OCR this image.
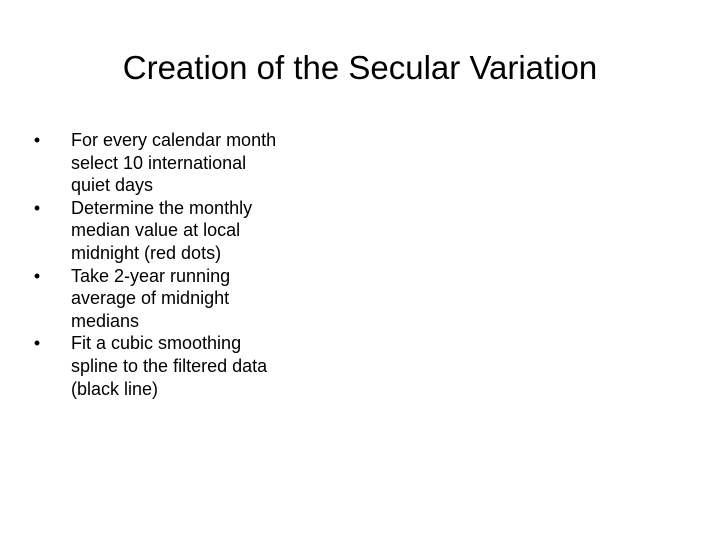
Creation of the Secular Variation
• For every calendar month select 10 international quiet days
• Determine the monthly median value at local midnight (red dots)
• Take 2-year running average of midnight medians
• Fit a cubic smoothing spline to the filtered data (black line)
